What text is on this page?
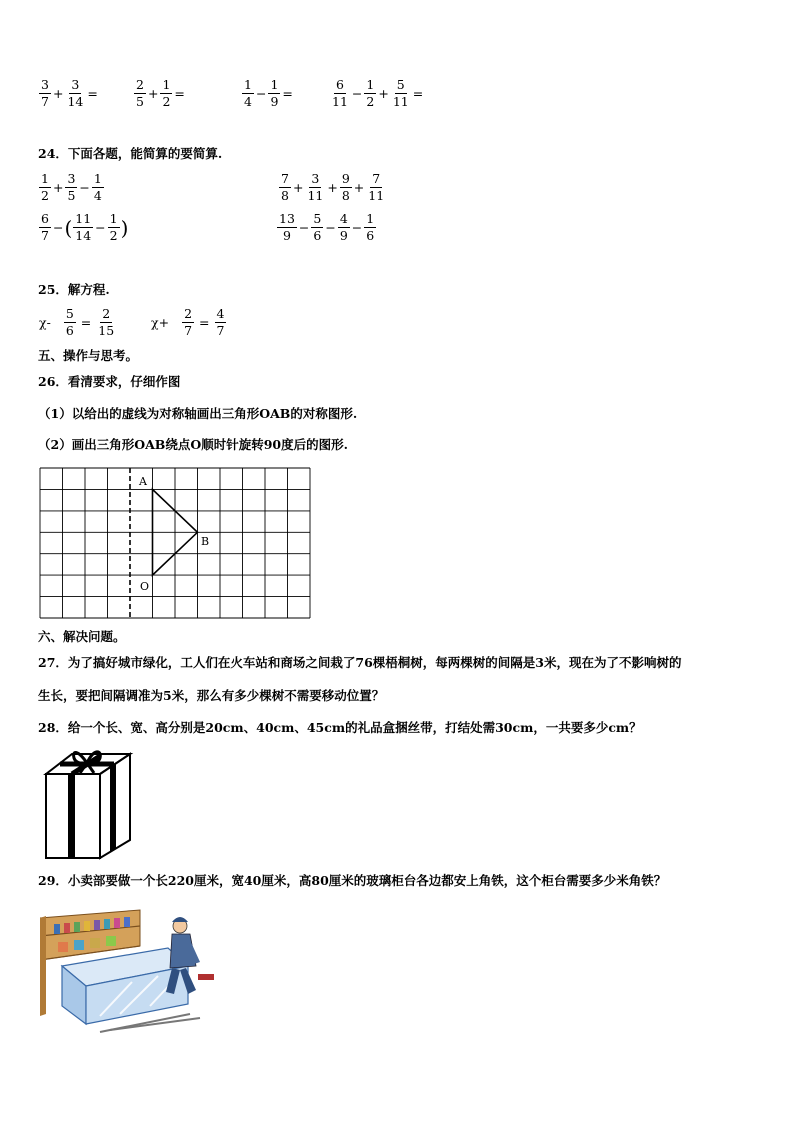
$\frac{3}{7} + \frac{3}{14}$ =	$\frac{2}{5} + \frac{1}{2}$ =	$\frac{1}{4} - \frac{1}{9}$ =	$\frac{6}{11} - \frac{1}{2} + \frac{5}{11}$ =
24．下面各题，能简算的要简算.
$\frac{1}{2} + \frac{3}{5} - \frac{1}{4}$	$\frac{7}{8} + \frac{3}{11} + \frac{9}{8} + \frac{7}{11}$
$\frac{6}{7}$ − ( $\frac{11}{14} - \frac{1}{2}$ )	$\frac{13}{9} - \frac{5}{6} - \frac{4}{9} - \frac{1}{6}$
25．解方程.
$\chi- \frac{5}{6} = \frac{2}{15}$	$\chi+ \frac{2}{7} = \frac{4}{7}$
五、操作与思考。
26．看清要求，仔细作图
（1）以给出的虚线为对称轴画出三角形OAB的对称图形.
（2）画出三角形OAB绕点O顺时针旋转90度后的图形.
A
B
O
六、解决问题。
27．为了搞好城市绿化，工人们在火车站和商场之间栽了76棵梧桐树，每两棵树的间隔是3米，现在为了不影响树的
生长，要把间隔调准为5米，那么有多少棵树不需要移动位置？
28．给一个长、宽、高分别是20cm、40cm、45cm的礼品盒捆丝带，打结处需30cm，一共要多少cm？
29．小卖部要做一个长220厘米，宽40厘米，高80厘米的玻璃柜台各边都安上角铁，这个柜台需要多少米角铁？
